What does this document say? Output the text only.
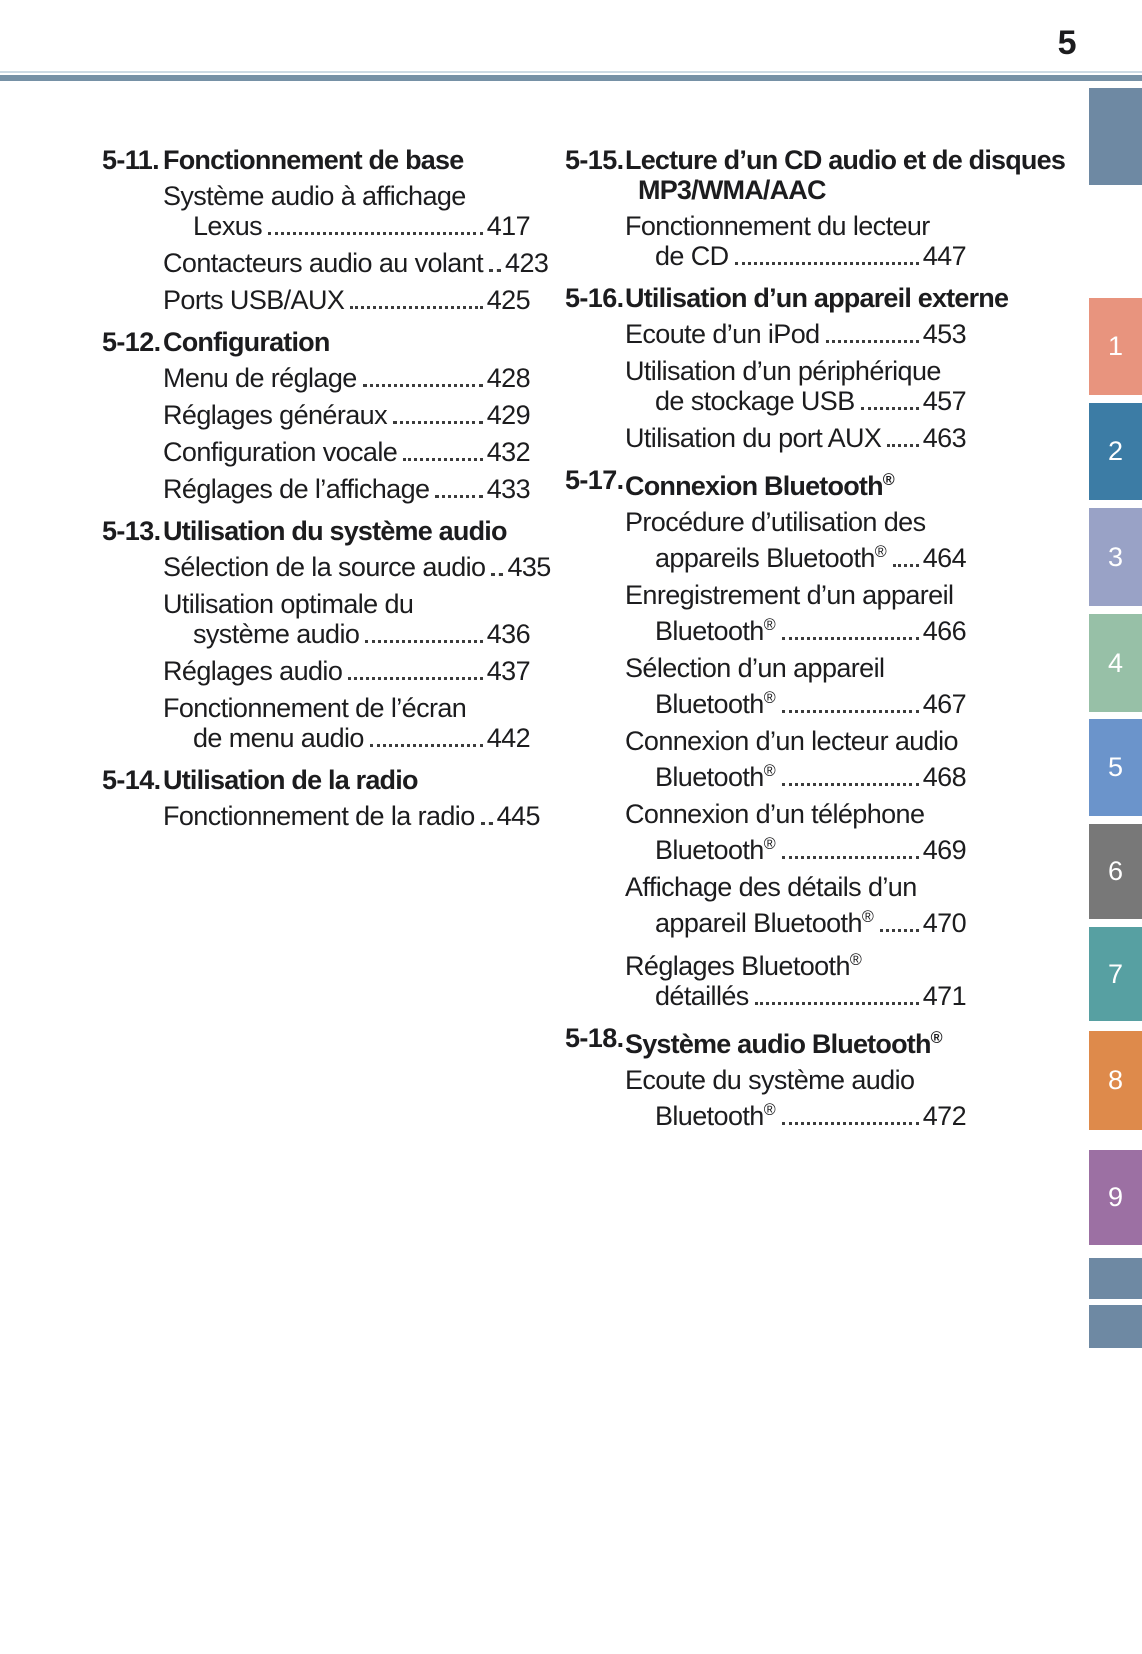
5
5-11. Fonctionnement de base
Système audio à affichage
Lexus	417
Contacteurs audio au volant 423
Ports USB/AUX	425
5-12. Configuration
Menu de réglage	428
Réglages généraux	429
Configuration vocale	432
Réglages de l’affichage 433
5-13. Utilisation du système audio
Sélection de la source audio 435
Utilisation optimale du
système audio	436
Réglages audio	437
Fonctionnement de l’écran
de menu audio	442
5-14. Utilisation de la radio
Fonctionnement de la radio 445
5-15. Lecture d’un CD audio et de disques
MP3/WMA/AAC
Fonctionnement du lecteur
de CD	447
5-16. Utilisation d’un appareil externe
Ecoute d’un iPod	453
Utilisation d’un périphérique
de stockage USB	457
Utilisation du port AUX 463
5-17. Connexion Bluetooth®
Procédure d’utilisation des
appareils Bluetooth® 464
Enregistrement d’un appareil
Bluetooth®	466
Sélection d’un appareil
Bluetooth®	467
Connexion d’un lecteur audio
Bluetooth®	468
Connexion d’un téléphone
Bluetooth®	469
Affichage des détails d’un
appareil Bluetooth® 470
Réglages Bluetooth®
détaillés	471
5-18. Système audio Bluetooth®
Ecoute du système audio
Bluetooth®	472
1
2
3
4
5
6
7
8
9
